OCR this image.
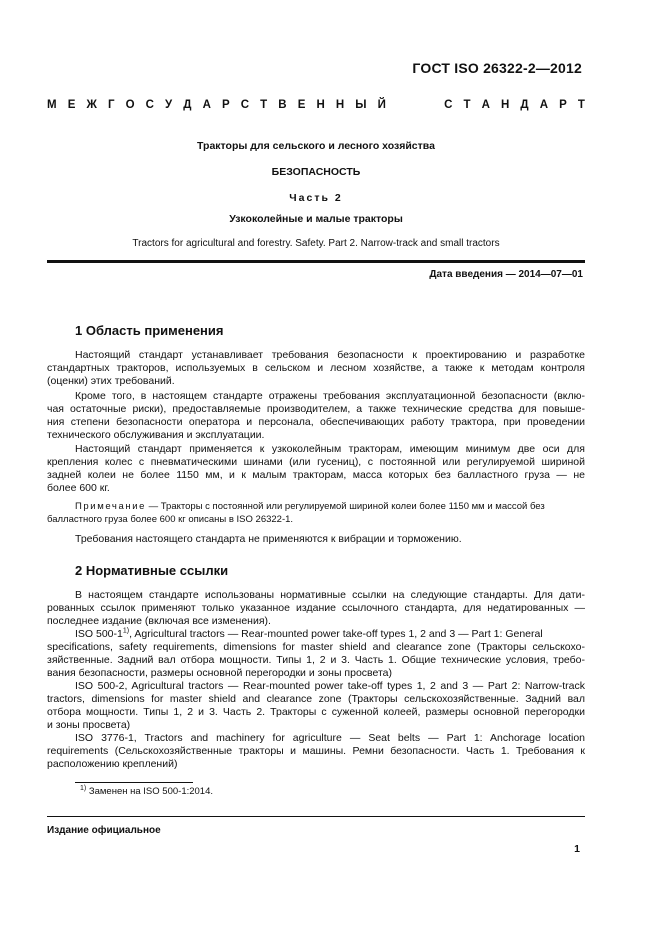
ГОСТ ISO 26322-2—2012
М Е Ж Г О С У Д А Р С Т В Е Н Н Ы Й	С Т А Н Д А Р Т
Тракторы для сельского и лесного хозяйства
БЕЗОПАСНОСТЬ
Часть 2
Узкоколейные и малые тракторы
Tractors for agricultural and forestry. Safety. Part 2. Narrow-track and small tractors
Дата введения — 2014—07—01
1 Область применения
Настоящий стандарт устанавливает требования безопасности к проектированию и разработке
стандартных тракторов, используемых в сельском и лесном хозяйстве, а также к методам контроля
(оценки) этих требований.
Кроме того, в настоящем стандарте отражены требования эксплуатационной безопасности (вклю-
чая остаточные риски), предоставляемые производителем, а также технические средства для повыше-
ния степени безопасности оператора и персонала, обеспечивающих работу трактора, при проведении
технического обслуживания и эксплуатации.
Настоящий стандарт применяется к узкоколейным тракторам, имеющим минимум две оси для
крепления колес с пневматическими шинами (или гусениц), с постоянной или регулируемой шириной
задней колеи не более 1150 мм, и к малым тракторам, масса которых без балластного груза — не
более 600 кг.
Примечание — Тракторы с постоянной или регулируемой шириной колеи более 1150 мм и массой без
балластного груза более 600 кг описаны в ISO 26322-1.
Требования настоящего стандарта не применяются к вибрации и торможению.
2 Нормативные ссылки
В настоящем стандарте использованы нормативные ссылки на следующие стандарты. Для дати-
рованных ссылок применяют только указанное издание ссылочного стандарта, для недатированных —
последнее издание (включая все изменения).
ISO 500-1$^{1)}$, Agricultural tractors — Rear-mounted power take-off types 1, 2 and 3 — Part 1: General
specifications, safety requirements, dimensions for master shield and clearance zone (Тракторы сельскохо-
зяйственные. Задний вал отбора мощности. Типы 1, 2 и 3. Часть 1. Общие технические условия, требо-
вания безопасности, размеры основной перегородки и зоны просвета)
ISO 500-2, Agricultural tractors — Rear-mounted power take-off types 1, 2 and 3 — Part 2: Narrow-track
tractors, dimensions for master shield and clearance zone (Тракторы сельскохозяйственные. Задний вал
отбора мощности. Типы 1, 2 и 3. Часть 2. Тракторы с суженной колеей, размеры основной перегородки
и зоны просвета)
ISO 3776-1, Tractors and machinery for agriculture — Seat belts — Part 1: Anchorage location
requirements (Сельскохозяйственные тракторы и машины. Ремни безопасности. Часть 1. Требования к
расположению креплений)
$^{1)}$ Заменен на ISO 500-1:2014.
Издание официальное
1
